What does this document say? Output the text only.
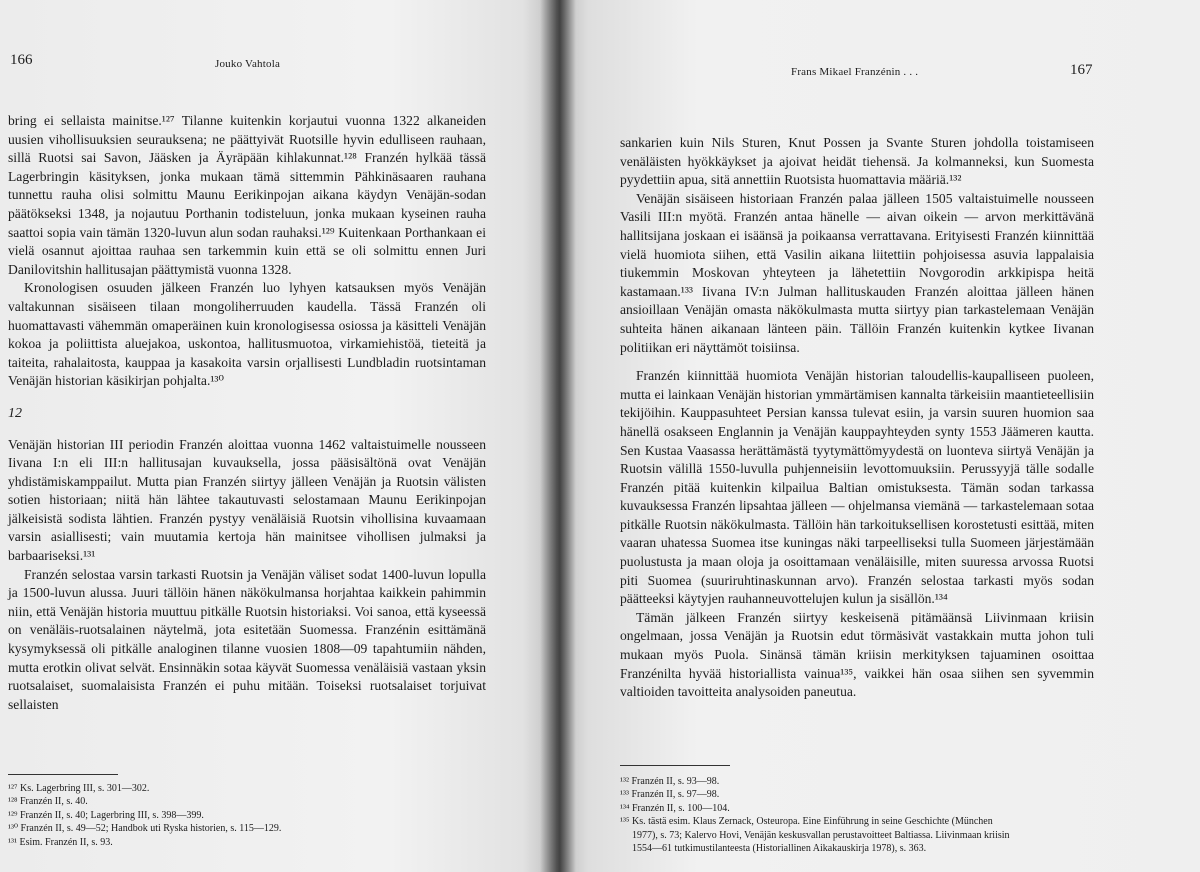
166	Jouko Vahtola

bring ei sellaista mainitse.¹²⁷ Tilanne kuitenkin korjautui vuonna 1322 alkaneiden uusien vihollisuuksien seurauksena; ne päättyivät Ruotsille hyvin edulliseen rauhaan, sillä Ruotsi sai Savon, Jääsken ja Äyräpään kihlakunnat.¹²⁸ Franzén hylkää tässä Lagerbringin käsityksen, jonka mukaan tämä sittemmin Pähkinäsaaren rauhana tunnettu rauha olisi solmittu Maunu Eerikinpojan aikana käydyn Venäjän-sodan päätökseksi 1348, ja nojautuu Porthanin todisteluun, jonka mukaan kyseinen rauha saattoi sopia vain tämän 1320-luvun alun sodan rauhaksi.¹²⁹ Kuitenkaan Porthankaan ei vielä osannut ajoittaa rauhaa sen tarkemmin kuin että se oli solmittu ennen Juri Danilovitshin hallitusajan päättymistä vuonna 1328.

Kronologisen osuuden jälkeen Franzén luo lyhyen katsauksen myös Venäjän valtakunnan sisäiseen tilaan mongoliherruuden kaudella. Tässä Franzén oli huomattavasti vähemmän omaperäinen kuin kronologisessa osiossa ja käsitteli Venäjän kokoa ja poliittista aluejakoa, uskontoa, hallitusmuotoa, virkamiehistöä, tieteitä ja taiteita, rahalaitosta, kauppaa ja kasakoita varsin orjallisesti Lundbladin ruotsintaman Venäjän historian käsikirjan pohjalta.¹³⁰

12

Venäjän historian III periodin Franzén aloittaa vuonna 1462 valtaistuimelle nousseen Iivana I:n eli III:n hallitusajan kuvauksella, jossa pääsisältönä ovat Venäjän yhdistämiskamppailut. Mutta pian Franzén siirtyy jälleen Venäjän ja Ruotsin välisten sotien historiaan; niitä hän lähtee takautuvasti selostamaan Maunu Eerikinpojan jälkeisistä sodista lähtien. Franzén pystyy venäläisiä Ruotsin vihollisina kuvaamaan varsin asiallisesti; vain muutamia kertoja hän mainitsee vihollisen julmaksi ja barbaariseksi.¹³¹

Franzén selostaa varsin tarkasti Ruotsin ja Venäjän väliset sodat 1400-luvun lopulla ja 1500-luvun alussa. Juuri tällöin hänen näkökulmansa horjahtaa kaikkein pahimmin niin, että Venäjän historia muuttuu pitkälle Ruotsin historiaksi. Voi sanoa, että kyseessä on venäläis-ruotsalainen näytelmä, jota esitetään Suomessa. Franzénin esittämänä kysymyksessä oli pitkälle analoginen tilanne vuosien 1808—09 tapahtumiin nähden, mutta erotkin olivat selvät. Ensinnäkin sotaa käyvät Suomessa venäläisiä vastaan yksin ruotsalaiset, suomalaisista Franzén ei puhu mitään. Toiseksi ruotsalaiset torjuivat sellaisten

¹²⁷ Ks. Lagerbring III, s. 301—302.
¹²⁸ Franzén II, s. 40.
¹²⁹ Franzén II, s. 40; Lagerbring III, s. 398—399.
¹³⁰ Franzén II, s. 49—52; Handbok uti Ryska historien, s. 115—129.
¹³¹ Esim. Franzén II, s. 93.
Frans Mikael Franzénin . . .	167

sankarien kuin Nils Sturen, Knut Possen ja Svante Sturen johdolla toistamiseen venäläisten hyökkäykset ja ajoivat heidät tiehensä. Ja kolmanneksi, kun Suomesta pyydettiin apua, sitä annettiin Ruotsista huomattavia määriä.¹³²

Venäjän sisäiseen historiaan Franzén palaa jälleen 1505 valtaistuimelle nousseen Vasili III:n myötä. Franzén antaa hänelle — aivan oikein — arvon merkittävänä hallitsijana joskaan ei isäänsä ja poikaansa verrattavana. Erityisesti Franzén kiinnittää vielä huomiota siihen, että Vasilin aikana liitettiin pohjoisessa asuvia lappalaisia tiukemmin Moskovan yhteyteen ja lähetettiin Novgorodin arkkipispa heitä kastamaan.¹³³ Iivana IV:n Julman hallituskauden Franzén aloittaa jälleen hänen ansioillaan Venäjän omasta näkökulmasta mutta siirtyy pian tarkastelemaan Venäjän suhteita hänen aikanaan länteen päin. Tällöin Franzén kuitenkin kytkee Iivanan politiikan eri näyttämöt toisiinsa.

Franzén kiinnittää huomiota Venäjän historian taloudellis-kaupalliseen puoleen, mutta ei lainkaan Venäjän historian ymmärtämisen kannalta tärkeisiin maantieteellisiin tekijöihin. Kauppasuhteet Persian kanssa tulevat esiin, ja varsin suuren huomion saa hänellä osakseen Englannin ja Venäjän kauppayhteyden synty 1553 Jäämeren kautta. Sen Kustaa Vaasassa herättämästä tyytymättömyydestä on luonteva siirtyä Venäjän ja Ruotsin välillä 1550-luvulla puhjenneisiin levottomuuksiin. Perussyyjä tälle sodalle Franzén pitää kuitenkin kilpailua Baltian omistuksesta. Tämän sodan tarkassa kuvauksessa Franzén lipsahtaa jälleen — ohjelmansa viemänä — tarkastelemaan sotaa pitkälle Ruotsin näkökulmasta. Tällöin hän tarkoituksellisen korostetusti esittää, miten vaaran uhatessa Suomea itse kuningas näki tarpeelliseksi tulla Suomeen järjestämään puolustusta ja maan oloja ja osoittamaan venäläisille, miten suuressa arvossa Ruotsi piti Suomea (suuriruhtinaskunnan arvo). Franzén selostaa tarkasti myös sodan päätteeksi käytyjen rauhanneuvottelujen kulun ja sisällön.¹³⁴

Tämän jälkeen Franzén siirtyy keskeisenä pitämäänsä Liivinmaan kriisin ongelmaan, jossa Venäjän ja Ruotsin edut törmäsivät vastakkain mutta johon tuli mukaan myös Puola. Sinänsä tämän kriisin merkityksen tajuaminen osoittaa Franzénilta hyvää historiallista vainua¹³⁵, vaikkei hän osaa siihen sen syvemmin valtioiden tavoitteita analysoiden paneutua.

¹³² Franzén II, s. 93—98.
¹³³ Franzén II, s. 97—98.
¹³⁴ Franzén II, s. 100—104.
¹³⁵ Ks. tästä esim. Klaus Zernack, Osteuropa. Eine Einführung in seine Geschichte (München
1977), s. 73; Kalervo Hovi, Venäjän keskusvallan perustavoitteet Baltiassa. Liivinmaan kriisin
1554—61 tutkimustilanteesta (Historiallinen Aikakauskirja 1978), s. 363.
